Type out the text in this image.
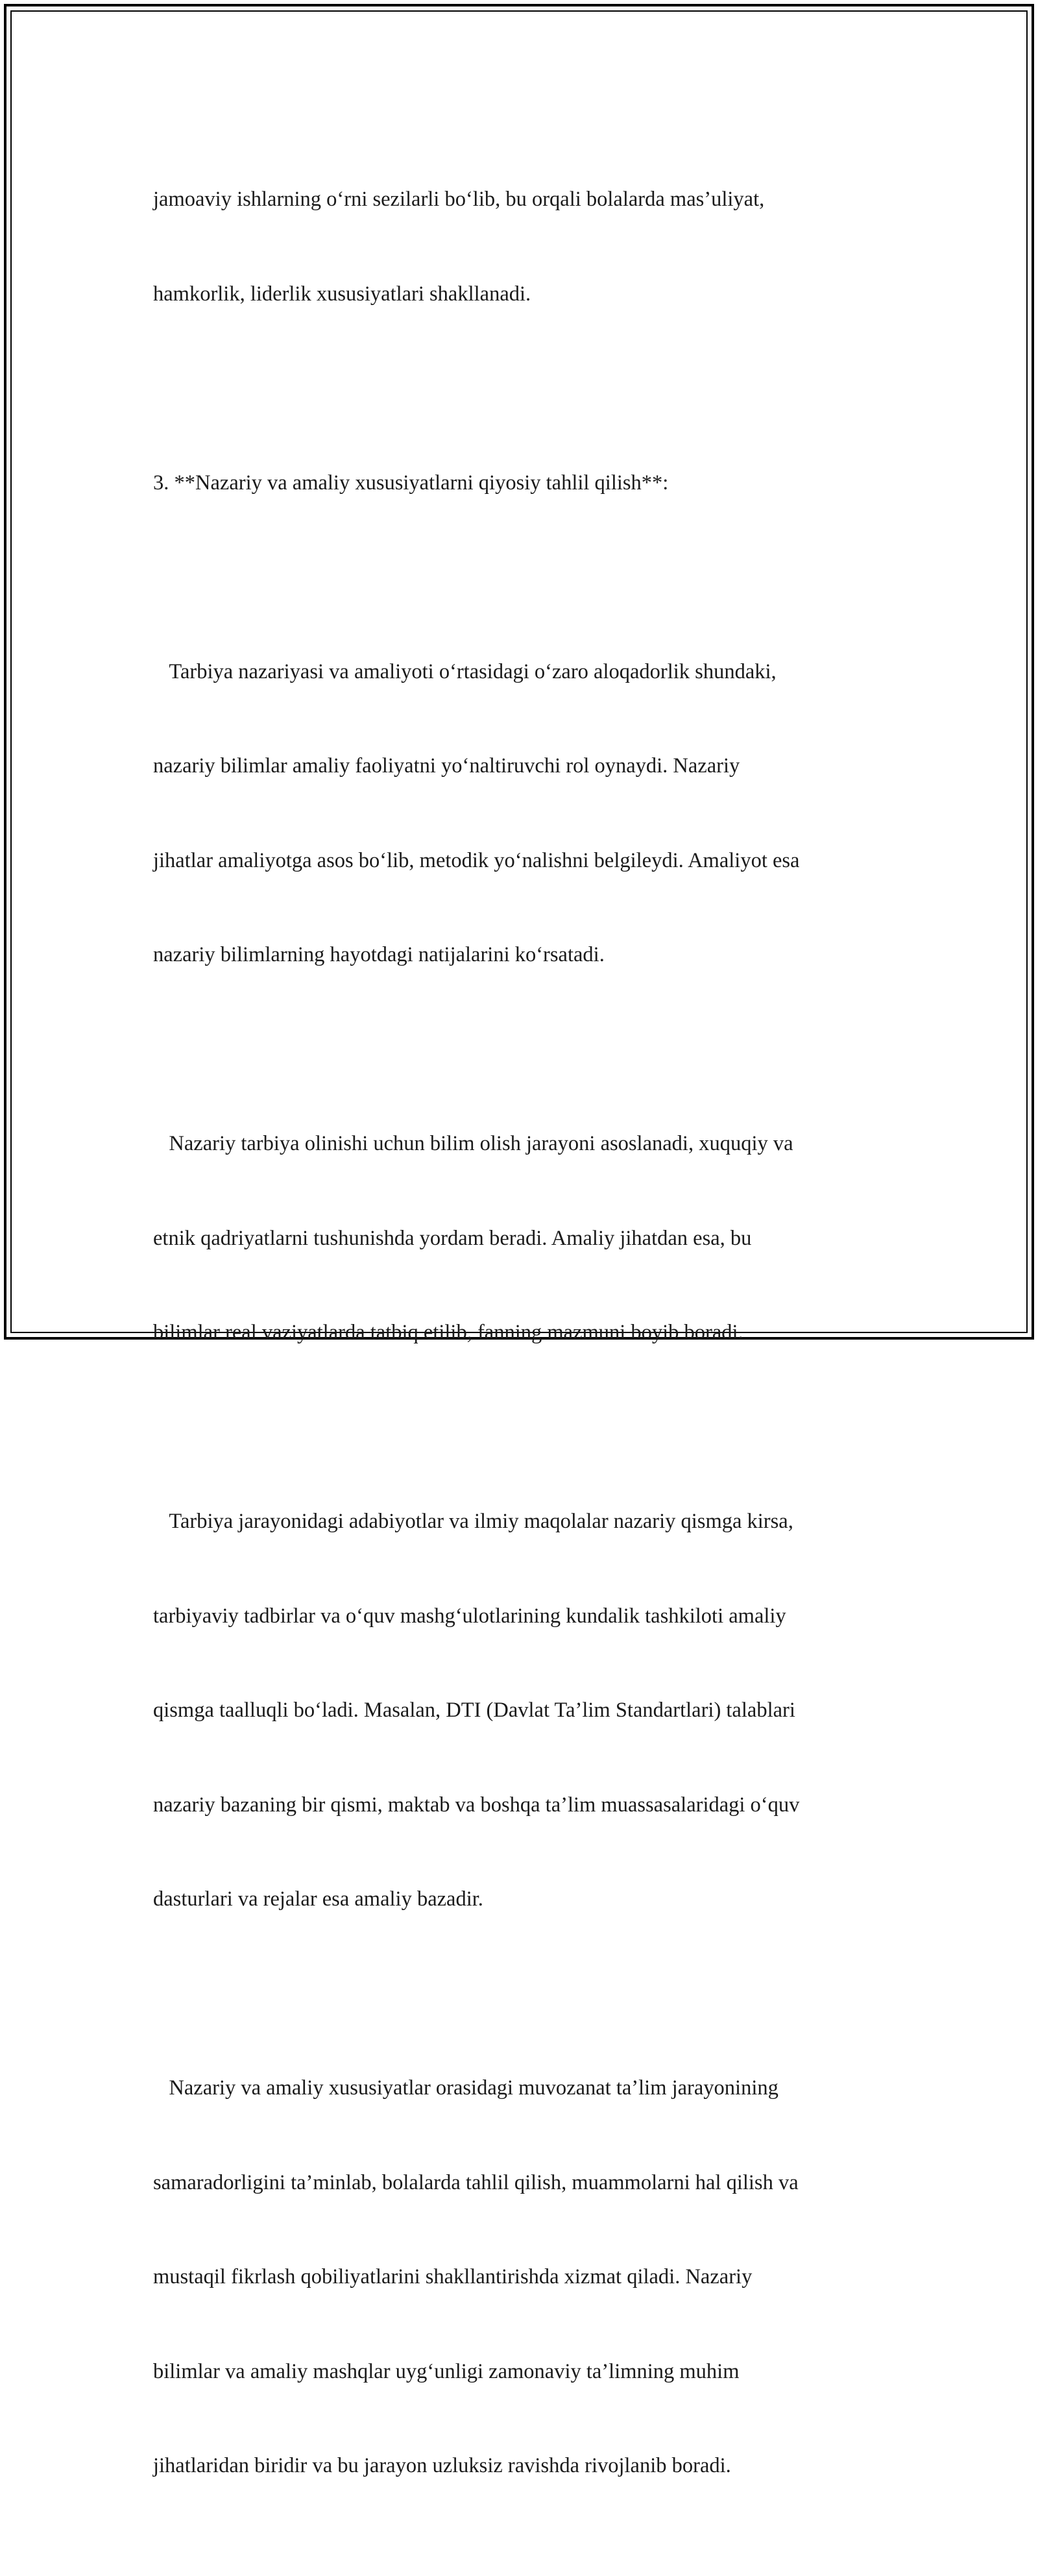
jamoaviy ishlarning o‘rni sezilarli bo‘lib, bu orqali bolalarda mas’uliyat,

hamkorlik, liderlik xususiyatlari shakllanadi.

3. **Nazariy va amaliy xususiyatlarni qiyosiy tahlil qilish**:

Tarbiya nazariyasi va amaliyoti o‘rtasidagi o‘zaro aloqadorlik shundaki,

nazariy bilimlar amaliy faoliyatni yo‘naltiruvchi rol oynaydi. Nazariy

jihatlar amaliyotga asos bo‘lib, metodik yo‘nalishni belgileydi. Amaliyot esa

nazariy bilimlarning hayotdagi natijalarini ko‘rsatadi.

Nazariy tarbiya olinishi uchun bilim olish jarayoni asoslanadi, xuquqiy va

etnik qadriyatlarni tushunishda yordam beradi. Amaliy jihatdan esa, bu

bilimlar real vaziyatlarda tatbiq etilib, fanning mazmuni boyib boradi.

Tarbiya jarayonidagi adabiyotlar va ilmiy maqolalar nazariy qismga kirsa,

tarbiyaviy tadbirlar va o‘quv mashg‘ulotlarining kundalik tashkiloti amaliy

qismga taalluqli bo‘ladi. Masalan, DTI (Davlat Ta’lim Standartlari) talablari

nazariy bazaning bir qismi, maktab va boshqa ta’lim muassasalaridagi o‘quv

dasturlari va rejalar esa amaliy bazadir.

Nazariy va amaliy xususiyatlar orasidagi muvozanat ta’lim jarayonining

samaradorligini ta’minlab, bolalarda tahlil qilish, muammolarni hal qilish va

mustaqil fikrlash qobiliyatlarini shakllantirishda xizmat qiladi. Nazariy

bilimlar va amaliy mashqlar uyg‘unligi zamonaviy ta’limning muhim

jihatlaridan biridir va bu jarayon uzluksiz ravishda rivojlanib boradi.
